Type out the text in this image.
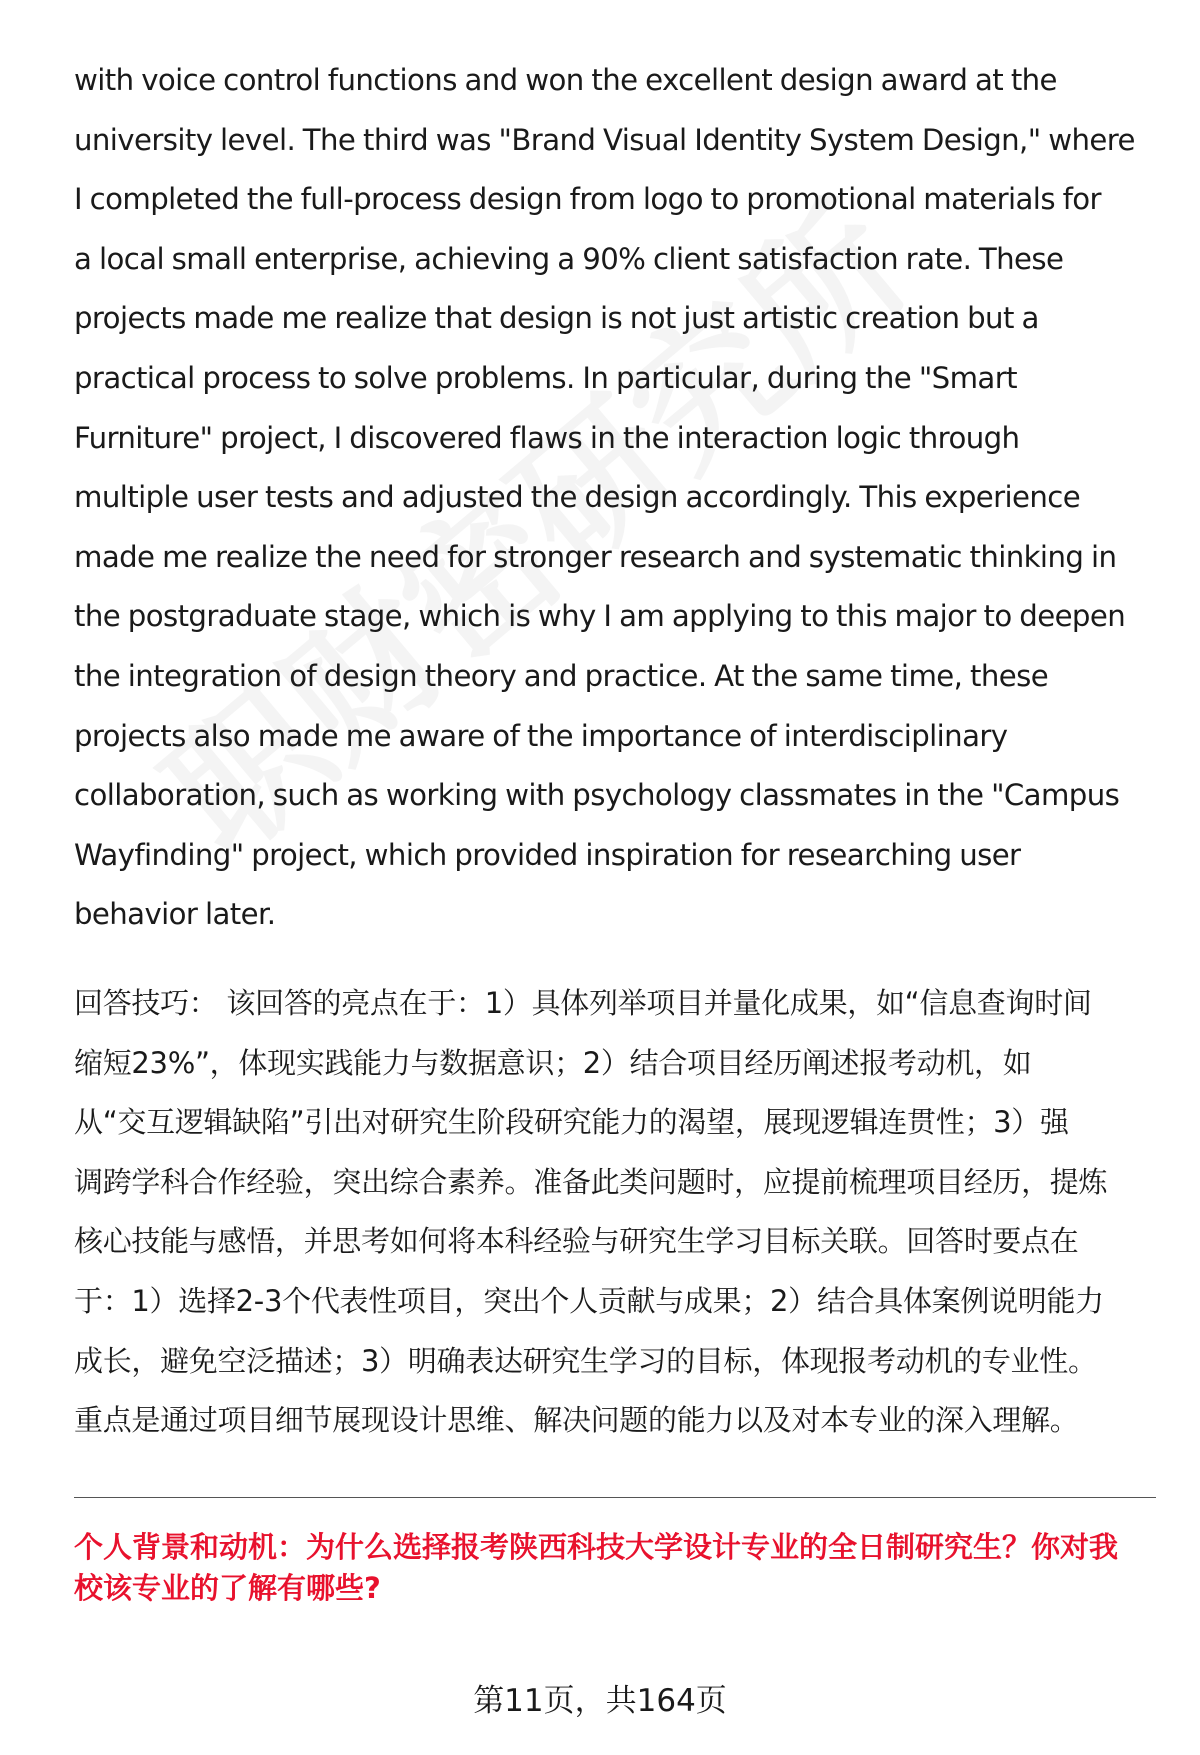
with voice control functions and won the excellent design award at the
university level. The third was "Brand Visual Identity System Design," where
I completed the full-process design from logo to promotional materials for
a local small enterprise, achieving a 90% client satisfaction rate. These
projects made me realize that design is not just artistic creation but a
practical process to solve problems. In particular, during the "Smart
Furniture" project, I discovered flaws in the interaction logic through
multiple user tests and adjusted the design accordingly. This experience
made me realize the need for stronger research and systematic thinking in
the postgraduate stage, which is why I am applying to this major to deepen
the integration of design theory and practice. At the same time, these
projects also made me aware of the importance of interdisciplinary
collaboration, such as working with psychology classmates in the "Campus
Wayfinding" project, which provided inspiration for researching user
behavior later.
回答技巧： 该回答的亮点在于：1）具体列举项目并量化成果，如“信息查询时间
缩短23%”，体现实践能力与数据意识；2）结合项目经历阐述报考动机，如
从“交互逻辑缺陷”引出对研究生阶段研究能力的渴望，展现逻辑连贯性；3）强
调跨学科合作经验，突出综合素养。准备此类问题时，应提前梳理项目经历，提炼
核心技能与感悟，并思考如何将本科经验与研究生学习目标关联。回答时要点在
于：1）选择2-3个代表性项目，突出个人贡献与成果；2）结合具体案例说明能力
成长，避免空泛描述；3）明确表达研究生学习的目标，体现报考动机的专业性。
重点是通过项目细节展现设计思维、解决问题的能力以及对本专业的深入理解。
个人背景和动机：为什么选择报考陕西科技大学设计专业的全日制研究生？你对我
校该专业的了解有哪些?
第11页，共164页
